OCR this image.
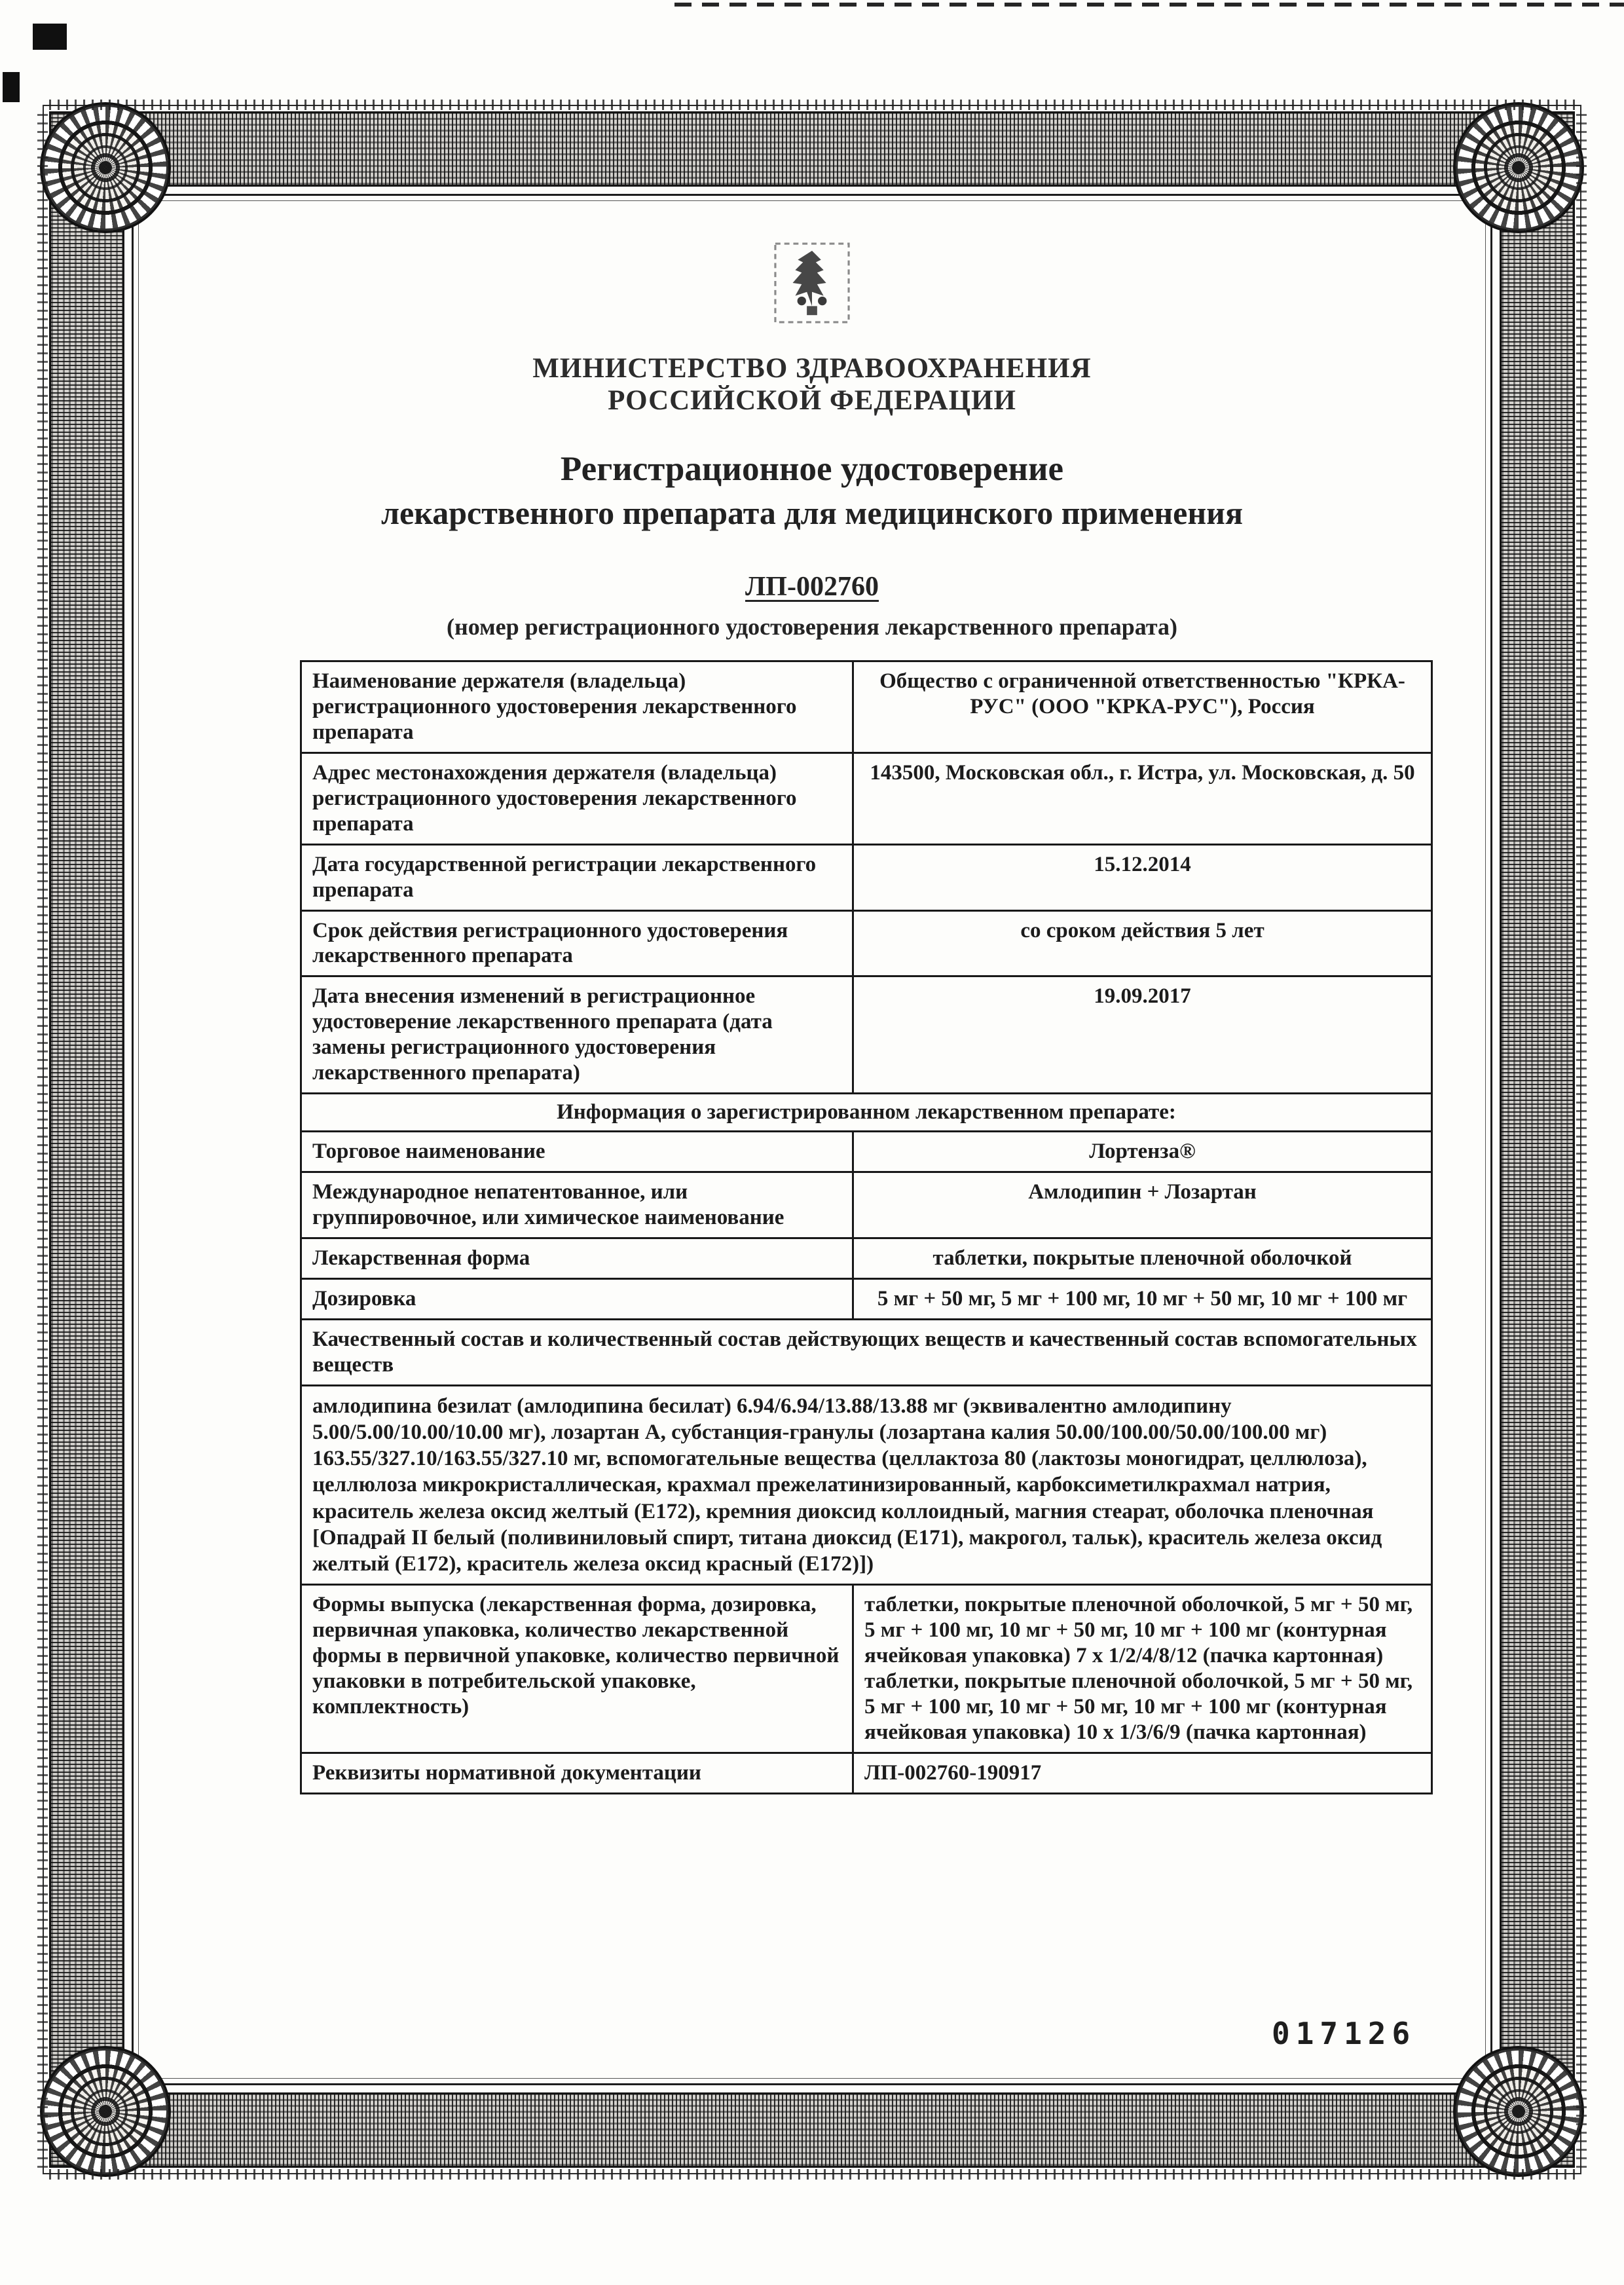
МИНИСТЕРСТВО ЗДРАВООХРАНЕНИЯ
РОССИЙСКОЙ ФЕДЕРАЦИИ
Регистрационное удостоверение
лекарственного препарата для медицинского применения
ЛП-002760
(номер регистрационного удостоверения лекарственного препарата)
Наименование держателя (владельца) регистрационного удостоверения лекарственного препарата	Общество с ограниченной ответственностью "КРКА-РУС" (ООО "КРКА-РУС"), Россия
Адрес местонахождения держателя (владельца) регистрационного удостоверения лекарственного препарата	143500, Московская обл., г. Истра, ул. Московская, д. 50
Дата государственной регистрации лекарственного препарата	15.12.2014
Срок действия регистрационного удостоверения лекарственного препарата	со сроком действия 5 лет
Дата внесения изменений в регистрационное удостоверение лекарственного препарата (дата замены регистрационного удостоверения лекарственного препарата)	19.09.2017
Информация о зарегистрированном лекарственном препарате:	
Торговое наименование	Лортенза®
Международное непатентованное, или группировочное, или химическое наименование	Амлодипин + Лозартан
Лекарственная форма	таблетки, покрытые пленочной оболочкой
Дозировка	5 мг + 50 мг, 5 мг + 100 мг, 10 мг + 50 мг, 10 мг + 100 мг
Качественный состав и количественный состав действующих веществ и качественный состав вспомогательных веществ	
амлодипина безилат (амлодипина бесилат) 6.94/6.94/13.88/13.88 мг (эквивалентно амлодипину 5.00/5.00/10.00/10.00 мг), лозартан А, субстанция-гранулы (лозартана калия 50.00/100.00/50.00/100.00 мг) 163.55/327.10/163.55/327.10 мг, вспомогательные вещества (целлактоза 80 (лактозы моногидрат, целлюлоза), целлюлоза микрокристаллическая, крахмал прежелатинизированный, карбоксиметилкрахмал натрия, краситель железа оксид желтый (Е172), кремния диоксид коллоидный, магния стеарат, оболочка пленочная [Опадрай II белый (поливиниловый спирт, титана диоксид (Е171), макрогол, тальк), краситель железа оксид желтый (Е172), краситель железа оксид красный (Е172)])	
Формы выпуска (лекарственная форма, дозировка, первичная упаковка, количество лекарственной формы в первичной упаковке, количество первичной упаковки в потребительской упаковке, комплектность)	таблетки, покрытые пленочной оболочкой, 5 мг + 50 мг, 5 мг + 100 мг, 10 мг + 50 мг, 10 мг + 100 мг (контурная ячейковая упаковка) 7 х 1/2/4/8/12 (пачка картонная) таблетки, покрытые пленочной оболочкой, 5 мг + 50 мг, 5 мг + 100 мг, 10 мг + 50 мг, 10 мг + 100 мг (контурная ячейковая упаковка) 10 х 1/3/6/9 (пачка картонная)
Реквизиты нормативной документации	ЛП-002760-190917
017126
